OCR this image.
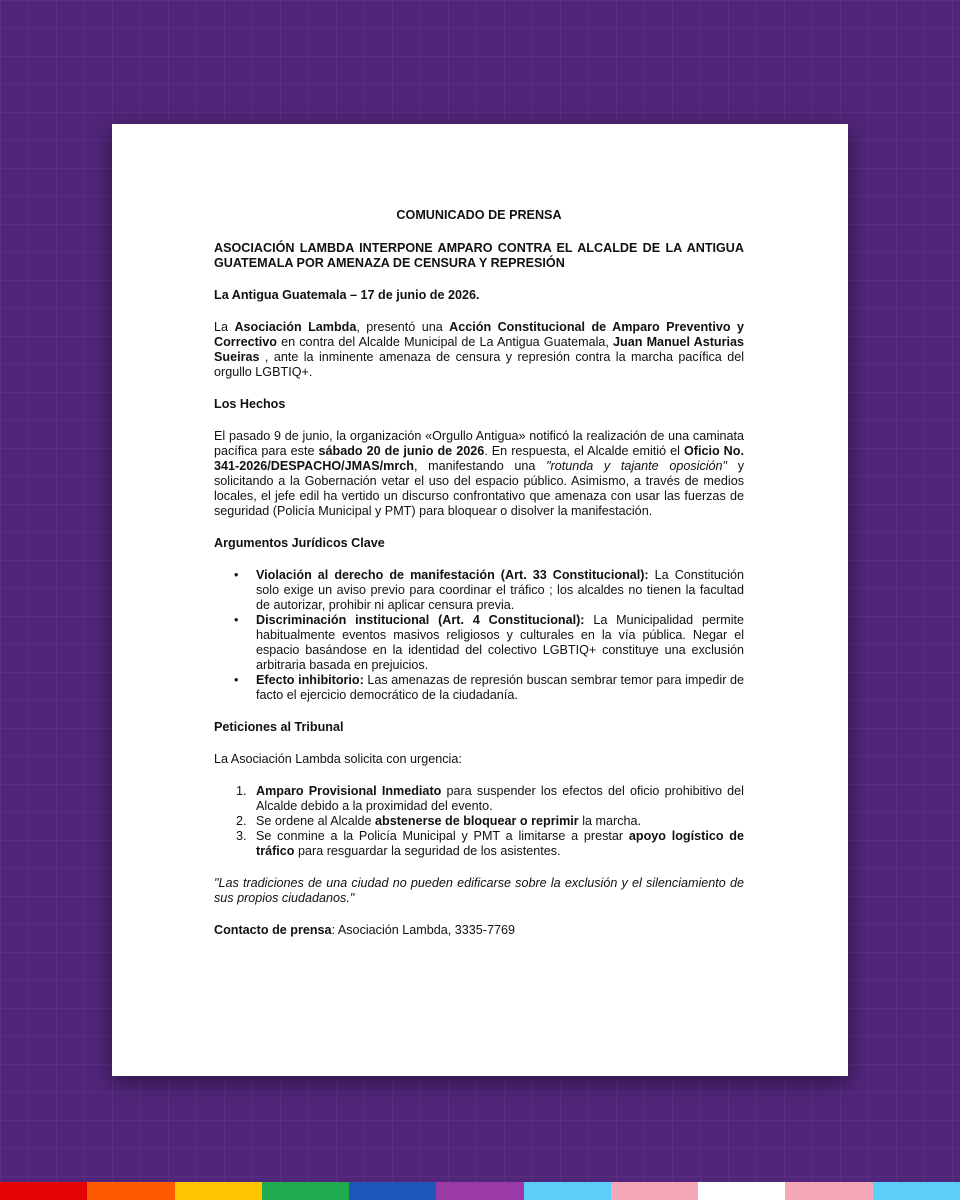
COMUNICADO DE PRENSA

ASOCIACIÓN LAMBDA INTERPONE AMPARO CONTRA EL ALCALDE DE LA ANTIGUA GUATEMALA POR AMENAZA DE CENSURA Y REPRESIÓN

La Antigua Guatemala – 17 de junio de 2026.

La Asociación Lambda, presentó una Acción Constitucional de Amparo Preventivo y Correctivo en contra del Alcalde Municipal de La Antigua Guatemala, Juan Manuel Asturias Sueiras , ante la inminente amenaza de censura y represión contra la marcha pacífica del orgullo LGBTIQ+.

Los Hechos

El pasado 9 de junio, la organización «Orgullo Antigua» notificó la realización de una caminata pacífica para este sábado 20 de junio de 2026. En respuesta, el Alcalde emitió el Oficio No. 341-2026/DESPACHO/JMAS/mrch, manifestando una "rotunda y tajante oposición" y solicitando a la Gobernación vetar el uso del espacio público. Asimismo, a través de medios locales, el jefe edil ha vertido un discurso confrontativo que amenaza con usar las fuerzas de seguridad (Policía Municipal y PMT) para bloquear o disolver la manifestación.

Argumentos Jurídicos Clave

• Violación al derecho de manifestación (Art. 33 Constitucional): La Constitución solo exige un aviso previo para coordinar el tráfico ; los alcaldes no tienen la facultad de autorizar, prohibir ni aplicar censura previa.
• Discriminación institucional (Art. 4 Constitucional): La Municipalidad permite habitualmente eventos masivos religiosos y culturales en la vía pública. Negar el espacio basándose en la identidad del colectivo LGBTIQ+ constituye una exclusión arbitraria basada en prejuicios.
• Efecto inhibitorio: Las amenazas de represión buscan sembrar temor para impedir de facto el ejercicio democrático de la ciudadanía.

Peticiones al Tribunal

La Asociación Lambda solicita con urgencia:

1. Amparo Provisional Inmediato para suspender los efectos del oficio prohibitivo del Alcalde debido a la proximidad del evento.
2. Se ordene al Alcalde abstenerse de bloquear o reprimir la marcha.
3. Se conmine a la Policía Municipal y PMT a limitarse a prestar apoyo logístico de tráfico para resguardar la seguridad de los asistentes.

"Las tradiciones de una ciudad no pueden edificarse sobre la exclusión y el silenciamiento de sus propios ciudadanos."

Contacto de prensa: Asociación Lambda, 3335-7769
